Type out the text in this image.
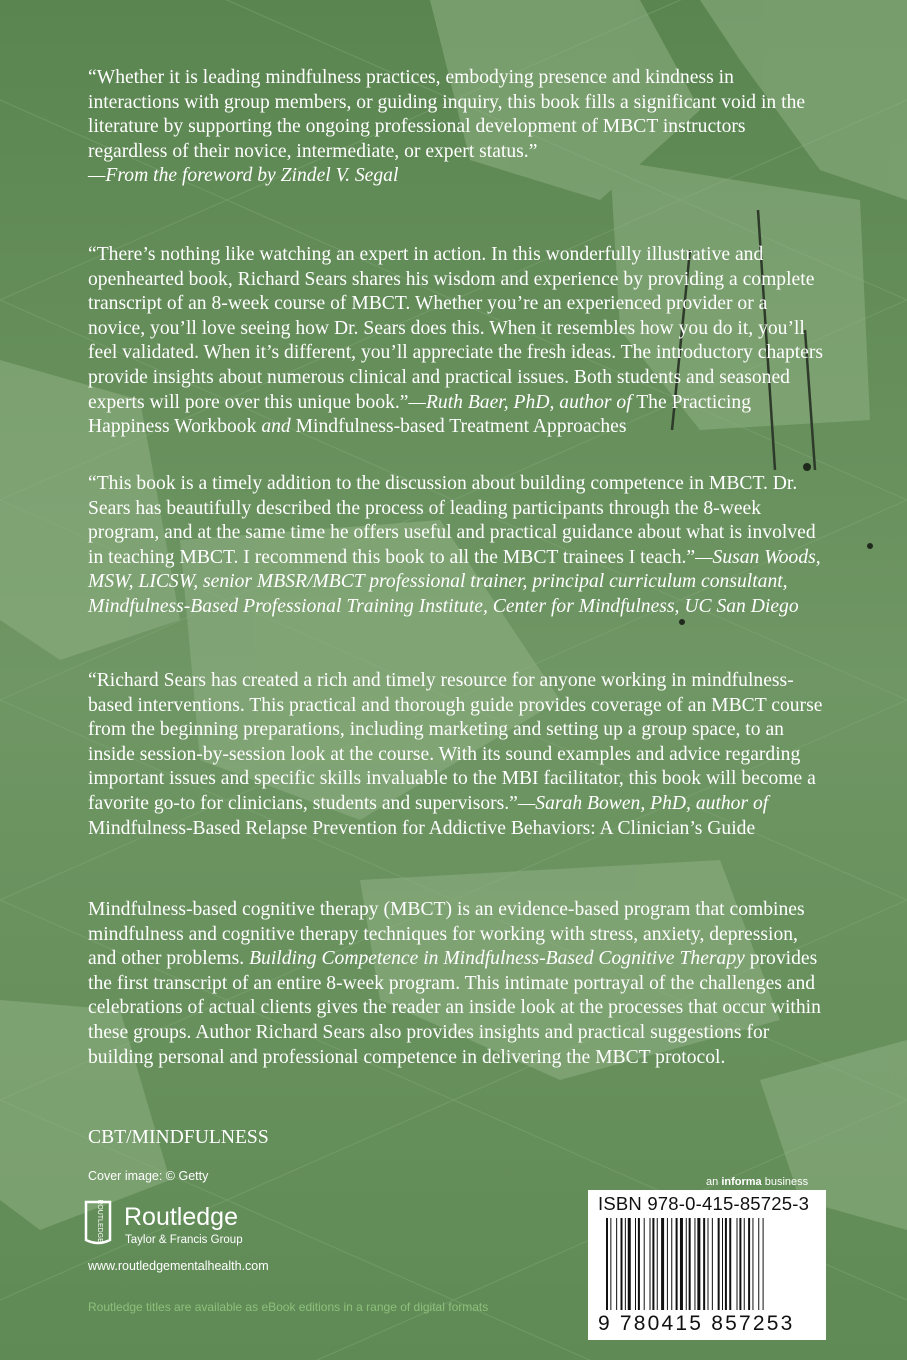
“Whether it is leading mindfulness practices, embodying presence and kindness in interactions with group members, or guiding inquiry, this book fills a significant void in the literature by supporting the ongoing professional development of MBCT instructors regardless of their novice, intermediate, or expert status.”
—From the foreword by Zindel V. Segal

“There’s nothing like watching an expert in action. In this wonderfully illustrative and openhearted book, Richard Sears shares his wisdom and experience by providing a complete transcript of an 8-week course of MBCT. Whether you’re an experienced provider or a novice, you’ll love seeing how Dr. Sears does this. When it resembles how you do it, you’ll feel validated. When it’s different, you’ll appreciate the fresh ideas. The introductory chapters provide insights about numerous clinical and practical issues. Both students and seasoned experts will pore over this unique book.”—Ruth Baer, PhD, author of The Practicing Happiness Workbook and Mindfulness-based Treatment Approaches

“This book is a timely addition to the discussion about building competence in MBCT. Dr. Sears has beautifully described the process of leading participants through the 8-week program, and at the same time he offers useful and practical guidance about what is involved in teaching MBCT. I recommend this book to all the MBCT trainees I teach.”—Susan Woods, MSW, LICSW, senior MBSR/MBCT professional trainer, principal curriculum consultant, Mindfulness-Based Professional Training Institute, Center for Mindfulness, UC San Diego

“Richard Sears has created a rich and timely resource for anyone working in mindfulness-based interventions. This practical and thorough guide provides coverage of an MBCT course from the beginning preparations, including marketing and setting up a group space, to an inside session-by-session look at the course. With its sound examples and advice regarding important issues and specific skills invaluable to the MBI facilitator, this book will become a favorite go-to for clinicians, students and supervisors.”—Sarah Bowen, PhD, author of Mindfulness-Based Relapse Prevention for Addictive Behaviors: A Clinician’s Guide

Mindfulness-based cognitive therapy (MBCT) is an evidence-based program that combines mindfulness and cognitive therapy techniques for working with stress, anxiety, depression, and other problems. Building Competence in Mindfulness-Based Cognitive Therapy provides the first transcript of an entire 8-week program. This intimate portrayal of the challenges and celebrations of actual clients gives the reader an inside look at the processes that occur within these groups. Author Richard Sears also provides insights and practical suggestions for building personal and professional competence in delivering the MBCT protocol.

CBT/MINDFULNESS

Cover image: © Getty
ROUTLEDGE Routledge
Taylor & Francis Group
www.routledgementalhealth.com
Routledge titles are available as eBook editions in a range of digital formats
an informa business
ISBN 978-0-415-85725-3
9 780415 857253
